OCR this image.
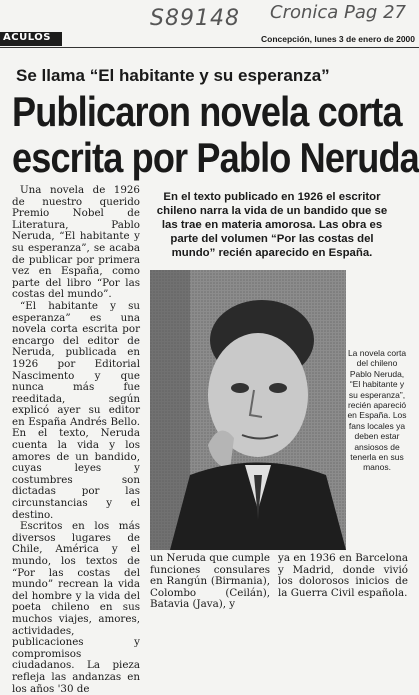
S89148 Cronica Pag 27
ACULOS	Concepción, lunes 3 de enero de 2000
Se llama “El habitante y su esperanza”
Publicaron novela corta
escrita por Pablo Neruda

Una novela de 1926 de nuestro querido Premio Nobel de Literatura, Pablo Neruda, “El habitante y su esperanza”, se acaba de publicar por primera vez en España, como parte del libro “Por las costas del mundo”.

“El habitante y su esperanza” es una novela corta escrita por encargo del editor de Neruda, publicada en 1926 por Editorial Nascimento y que nunca más fue reeditada, según explicó ayer su editor en España Andrés Bello. En el texto, Neruda cuenta la vida y los amores de un bandido, cuyas leyes y costumbres son dictadas por las circunstancias y el destino.

Escritos en los más diversos lugares de Chile, América y el mundo, los textos de “Por las costas del mundo” recrean la vida del hombre y la vida del poeta chileno en sus muchos viajes, amores, actividades, publicaciones y compromisos ciudadanos. La pieza refleja las andanzas en los años '30 de

En el texto publicado en 1926 el escritor chileno narra la vida de un bandido que se las trae en materia amorosa. Las obra es parte del volumen “Por las costas del mundo” recién aparecido en España.
La novela corta del chileno Pablo Neruda, “El habitante y su esperanza”, recién apareció en España. Los fans locales ya deben estar ansiosos de tenerla en sus manos.

un Neruda que cumple funciones consulares en Rangún (Birmania), Colombo (Ceilán), Batavia (Java), y

ya en 1936 en Barcelona y Madrid, donde vivió los dolorosos inicios de la Guerra Civil española.
